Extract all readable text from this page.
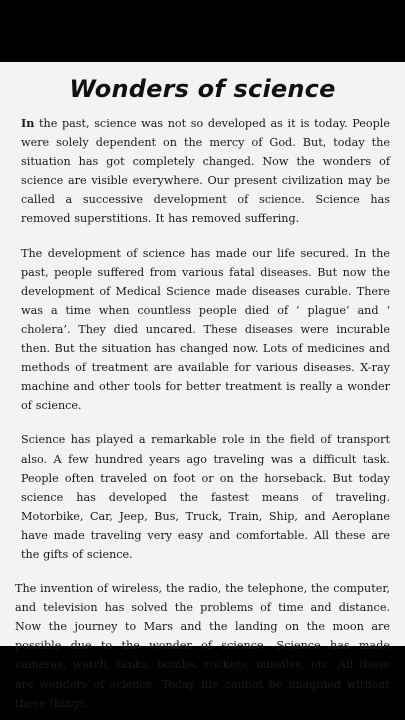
Wonders of science

In the past, science was not so developed as it is today. People were solely dependent on the mercy of God. But, today the situation has got completely changed. Now the wonders of science are visible everywhere. Our present civilization may be called a successive development of science. Science has removed superstitions. It has removed suffering.

The development of science has made our life secured. In the past, people suffered from various fatal diseases. But now the development of Medical Science made diseases curable. There was a time when countless people died of ‘ plague’ and ‘ cholera’. They died uncared. These diseases were incurable then. But the situation has changed now. Lots of medicines and methods of treatment are available for various diseases. X-ray machine and other tools for better treatment is really a wonder of science.

Science has played a remarkable role in the field of transport also. A few hundred years ago traveling was a difficult task. People often traveled on foot or on the horseback. But today science has developed the fastest means of traveling. Motorbike, Car, Jeep, Bus, Truck, Train, Ship, and Aeroplane have made traveling very easy and comfortable. All these are the gifts of science.

The invention of wireless, the radio, the telephone, the computer, and television has solved the problems of time and distance. Now the journey to Mars and the landing on the moon are possible due to the wonder of science. Science has made cameras, watch, tanks, bombs, rockets, missiles, etc. All these are wonders of science. Today life cannot be imagined without these things.
